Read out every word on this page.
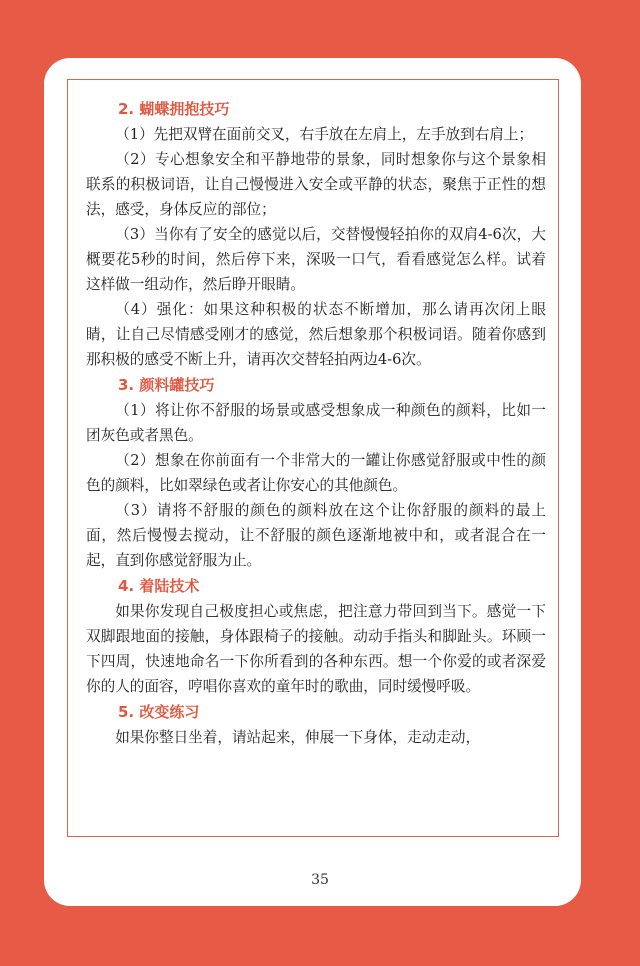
2. 蝴蝶拥抱技巧

（1）先把双臂在面前交叉，右手放在左肩上，左手放到右肩上；

（2）专心想象安全和平静地带的景象，同时想象你与这个景象相联系的积极词语，让自己慢慢进入安全或平静的状态，聚焦于正性的想法，感受，身体反应的部位；

（3）当你有了安全的感觉以后，交替慢慢轻拍你的双肩4-6次，大概要花5秒的时间，然后停下来，深吸一口气，看看感觉怎么样。试着这样做一组动作，然后睁开眼睛。

（4）强化：如果这种积极的状态不断增加，那么请再次闭上眼睛，让自己尽情感受刚才的感觉，然后想象那个积极词语。随着你感到那积极的感受不断上升，请再次交替轻拍两边4-6次。

3. 颜料罐技巧

（1）将让你不舒服的场景或感受想象成一种颜色的颜料，比如一团灰色或者黑色。

（2）想象在你前面有一个非常大的一罐让你感觉舒服或中性的颜色的颜料，比如翠绿色或者让你安心的其他颜色。

（3）请将不舒服的颜色的颜料放在这个让你舒服的颜料的最上面，然后慢慢去搅动，让不舒服的颜色逐渐地被中和，或者混合在一起，直到你感觉舒服为止。

4. 着陆技术

如果你发现自己极度担心或焦虑，把注意力带回到当下。感觉一下双脚跟地面的接触，身体跟椅子的接触。动动手指头和脚趾头。环顾一下四周，快速地命名一下你所看到的各种东西。想一个你爱的或者深爱你的人的面容，哼唱你喜欢的童年时的歌曲，同时缓慢呼吸。

5. 改变练习

如果你整日坐着，请站起来，伸展一下身体，走动走动，

35
